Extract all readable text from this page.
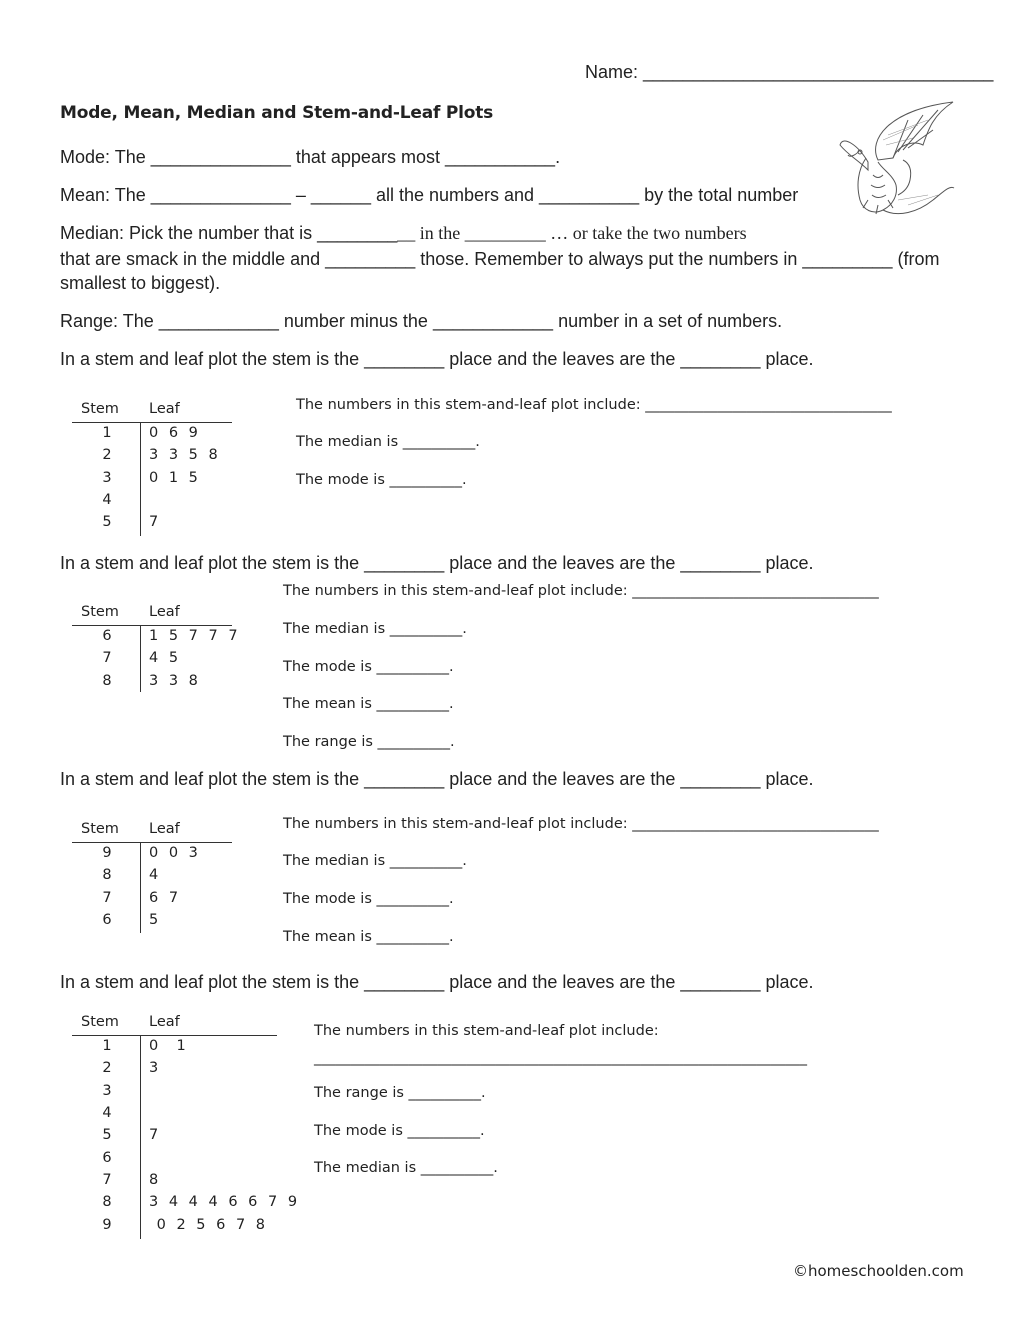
Name: ___________________________________
Mode, Mean, Median and Stem-and-Leaf Plots
Mode: The ______________ that appears most ___________.
Mean: The ______________ – ______ all the numbers and __________ by the total number
Median: Pick the number that is __________ in the _________ … or take the two numbers
that are smack in the middle and _________ those. Remember to always put the numbers in _________ (from smallest to biggest).
Range: The ____________ number minus the ____________ number in a set of numbers.
In a stem and leaf plot the stem is the ________ place and the leaves are the ________ place.
Stem Leaf
1	0 6 9
2	3 3 5 8
3	0 1 5
4
5	7
The numbers in this stem-and-leaf plot include: __________________________________
The median is __________.
The mode is __________.
In a stem and leaf plot the stem is the ________ place and the leaves are the ________ place.
Stem Leaf
6	1 5 7 7 7
7	4 5
8	3 3 8
The numbers in this stem-and-leaf plot include: __________________________________
The median is __________.
The mode is __________.
The mean is __________.
The range is __________.
In a stem and leaf plot the stem is the ________ place and the leaves are the ________ place.
Stem Leaf
9	0 0 3
8	4
7	6 7
6	5
The numbers in this stem-and-leaf plot include: __________________________________
The median is __________.
The mode is __________.
The mean is __________.
In a stem and leaf plot the stem is the ________ place and the leaves are the ________ place.
Stem Leaf
1	0  1
2	3
3
4
5	7
6
7	8
8	3 4 4 4 6 6 7 9
9	0 2 5 6 7 8
The numbers in this stem-and-leaf plot include:
____________________________________________________________________
The range is __________.
The mode is __________.
The median is __________.
©homeschoolden.com
